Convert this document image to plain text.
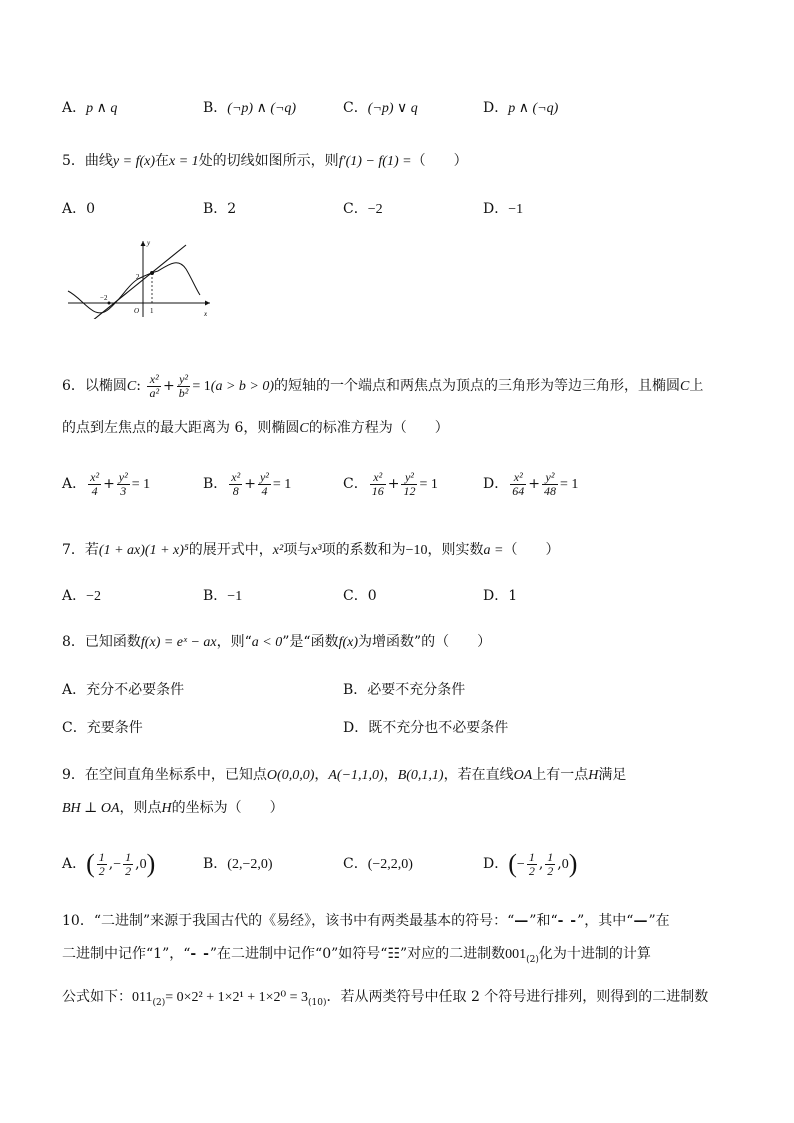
A．p ∧ q	B．(¬p) ∧ (¬q)	C．(¬p) ∨ q	D．p ∧ (¬q)
5．曲线y = f(x)在x = 1处的切线如图所示，则f′(1) − f(1) =（　　）
A．0	B．2	C．−2	D．−1
y
x
O
−2
2
1
6．以椭圆C: $\frac{\text{x²}}{\text{a²}} + \frac{\text{y²}}{\text{b²}} = 1(a > b > 0)$的短轴的一个端点和两焦点为顶点的三角形为等边三角形，且椭圆C上
的点到左焦点的最大距离为 6，则椭圆C的标准方程为（　　）
A． $\frac{\text{x²}}{4} + \frac{\text{y²}}{3} = 1$	B． $\frac{\text{x²}}{8} + \frac{\text{y²}}{4} = 1$	C． $\frac{\text{x²}}{16} + \frac{\text{y²}}{12} = 1$	D． $\frac{\text{x²}}{64} + \frac{\text{y²}}{48} = 1$
7．若(1 + ax)(1 + x)⁵的展开式中，x²项与x³项的系数和为−10，则实数a =（　　）
A．−2	B．−1	C．0	D．1
8．已知函数f(x) = eˣ − ax，则“a < 0”是“函数f(x)为增函数”的（　　）
A．充分不必要条件	B．必要不充分条件
C．充要条件	D．既不充分也不必要条件
9．在空间直角坐标系中，已知点O(0,0,0)，A(−1,1,0)，B(0,1,1)，若在直线OA上有一点H满足
BH ⊥ OA，则点H的坐标为（　　）
A．( $\frac{1}{2}$ ,− $\frac{1}{2} ,0$)	B．(2,−2,0)	C．(−2,2,0)	D．(− $\frac{1}{2}$ , $\frac{1}{2} ,0$)
10．“二进制”来源于我国古代的《易经》，该书中有两类最基本的符号：“—”和“- -”，其中“—”在
二进制中记作“1”，“- -”在二进制中记作“0”如符号“☷”对应的二进制数$001_{(2)}$化为十进制的计算
公式如下：$011_{(2)}= 0\times 2^2 + 1\times 2^1 + 1\times 2^0 = 3_{(10)}$．若从两类符号中任取 2 个符号进行排列，则得到的二进制数
